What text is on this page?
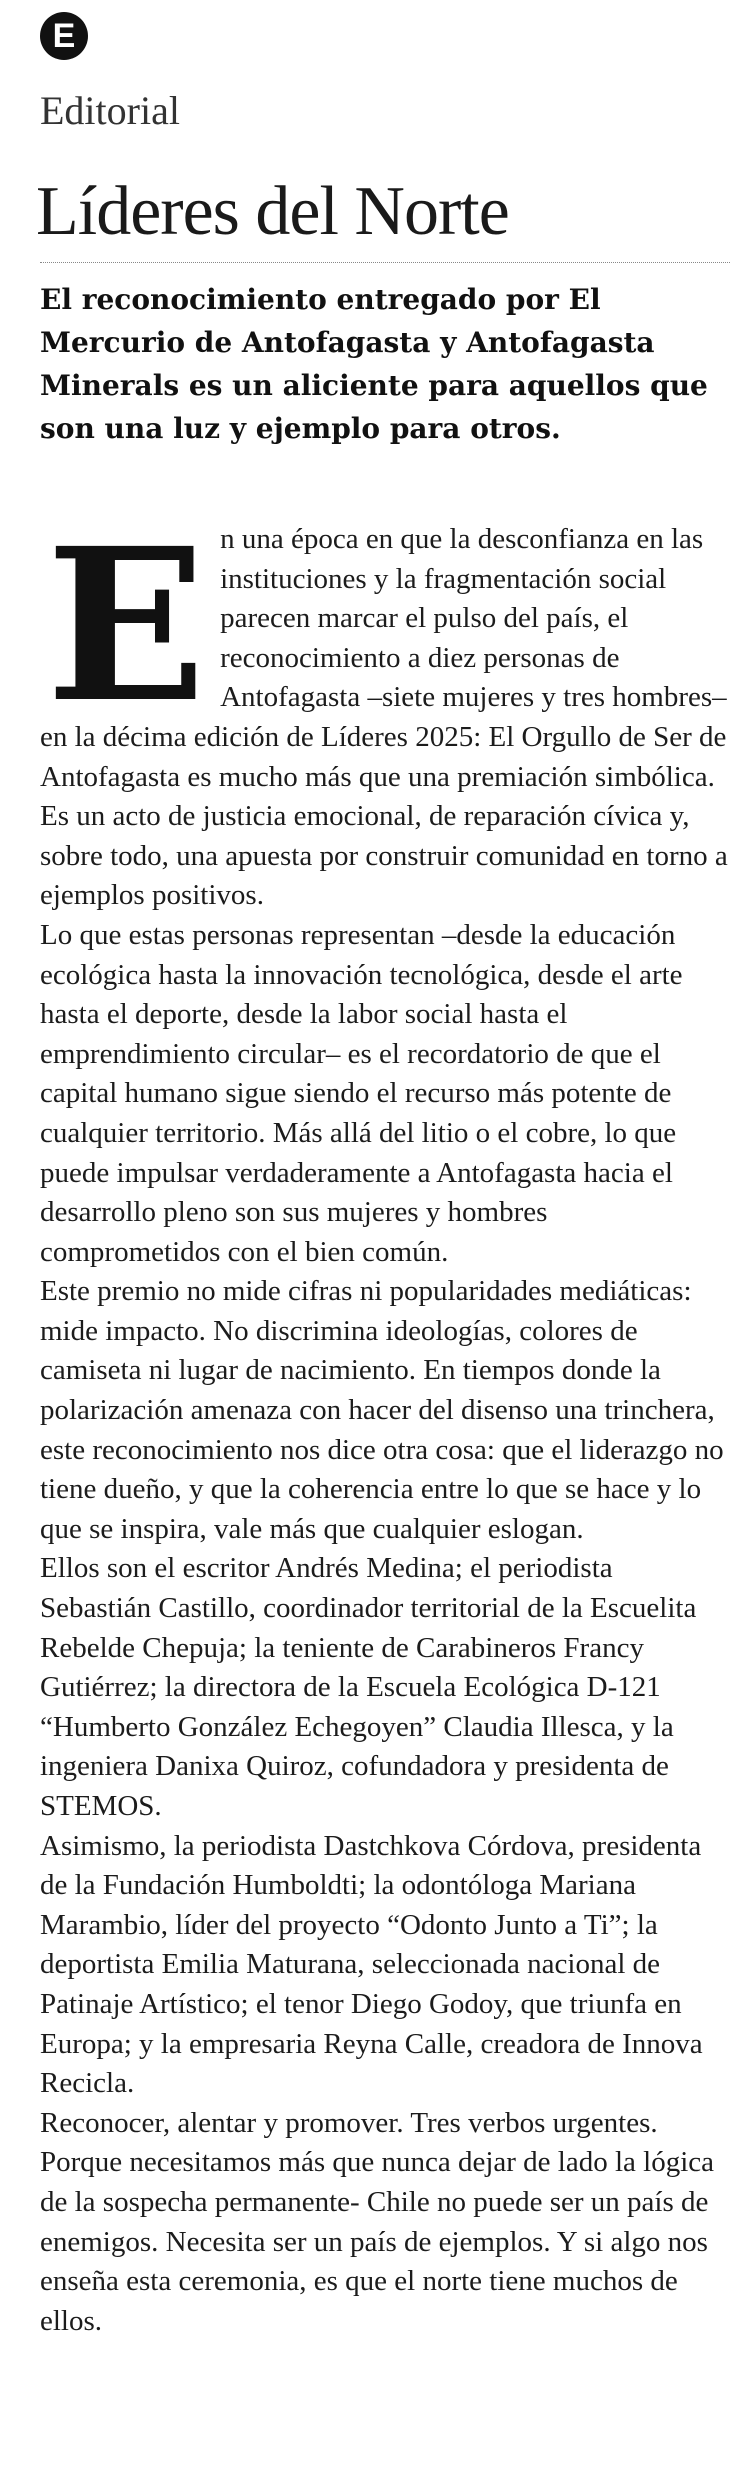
E
Editorial
Líderes del Norte

El reconocimiento entregado por El Mercurio de Antofagasta y Antofagasta Minerals es un aliciente para aquellos que son una luz y ejemplo para otros.

En una época en que la desconfianza en las instituciones y la fragmentación social parecen marcar el pulso del país, el reconocimiento a diez personas de Antofagasta –siete mujeres y tres hombres– en la décima edición de Líderes 2025: El Orgullo de Ser de Antofagasta es mucho más que una premiación simbólica. Es un acto de justicia emocional, de reparación cívica y, sobre todo, una apuesta por construir comunidad en torno a ejemplos positivos.

Lo que estas personas representan –desde la educación ecológica hasta la innovación tecnológica, desde el arte hasta el deporte, desde la labor social hasta el emprendimiento circular– es el recordatorio de que el capital humano sigue siendo el recurso más potente de cualquier territorio. Más allá del litio o el cobre, lo que puede impulsar verdaderamente a Antofagasta hacia el desarrollo pleno son sus mujeres y hombres comprometidos con el bien común.

Este premio no mide cifras ni popularidades mediáticas: mide impacto. No discrimina ideologías, colores de camiseta ni lugar de nacimiento. En tiempos donde la polarización amenaza con hacer del disenso una trinchera, este reconocimiento nos dice otra cosa: que el liderazgo no tiene dueño, y que la coherencia entre lo que se hace y lo que se inspira, vale más que cualquier eslogan.

Ellos son el escritor Andrés Medina; el periodista Sebastián Castillo, coordinador territorial de la Escuelita Rebelde Chepuja; la teniente de Carabineros Francy Gutiérrez; la directora de la Escuela Ecológica D-121 “Humberto González Echegoyen” Claudia Illesca, y la ingeniera Danixa Quiroz, cofundadora y presidenta de STEMOS.

Asimismo, la periodista Dastchkova Córdova, presidenta de la Fundación Humboldti; la odontóloga Mariana Marambio, líder del proyecto “Odonto Junto a Ti”; la deportista Emilia Maturana, seleccionada nacional de Patinaje Artístico; el tenor Diego Godoy, que triunfa en Europa; y la empresaria Reyna Calle, creadora de Innova Recicla.

Reconocer, alentar y promover. Tres verbos urgentes. Porque necesitamos más que nunca dejar de lado la lógica de la sospecha permanente- Chile no puede ser un país de enemigos. Necesita ser un país de ejemplos. Y si algo nos enseña esta ceremonia, es que el norte tiene muchos de ellos.
